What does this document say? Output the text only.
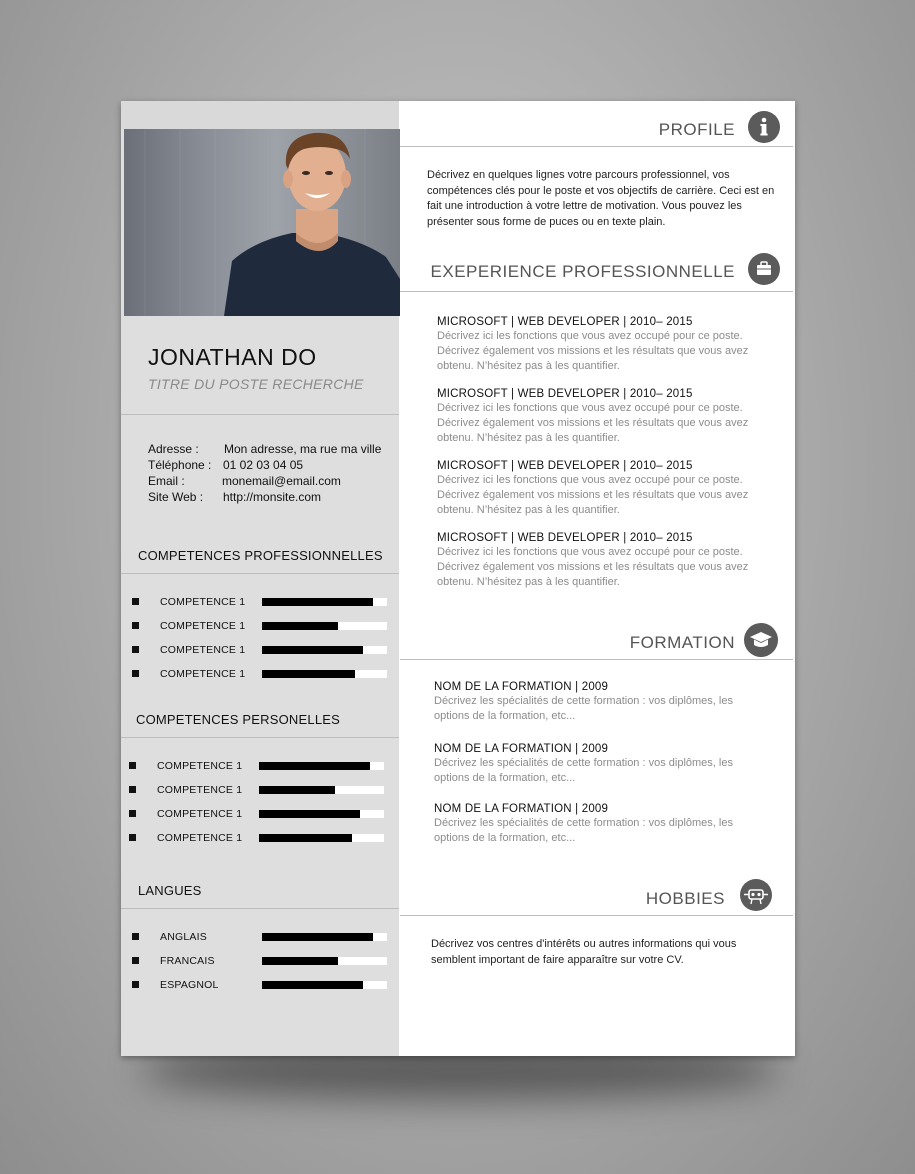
JONATHAN DO
TITRE DU POSTE RECHERCHE
Adresse : Mon adresse, ma rue ma ville
Téléphone : 01 02 03 04 05
Email :	monemail@email.com
Site Web : http://monsite.com
COMPETENCES PROFESSIONNELLES
COMPETENCE 1
COMPETENCE 1
COMPETENCE 1
COMPETENCE 1
COMPETENCES PERSONELLES
COMPETENCE 1
COMPETENCE 1
COMPETENCE 1
COMPETENCE 1
LANGUES
ANGLAIS
FRANCAIS
ESPAGNOL
PROFILE
Décrivez en quelques lignes votre parcours professionnel, vos compétences clés pour le poste et vos objectifs de carrière. Ceci est en fait une introduction à votre lettre de motivation. Vous pouvez les présenter sous forme de puces ou en texte plain.
EXEPERIENCE PROFESSIONNELLE
MICROSOFT | WEB DEVELOPER | 2010– 2015
Décrivez ici les fonctions que vous avez occupé pour ce poste. Décrivez également vos missions et les résultats que vous avez obtenu. N’hésitez pas à les quantifier.
MICROSOFT | WEB DEVELOPER | 2010– 2015
Décrivez ici les fonctions que vous avez occupé pour ce poste. Décrivez également vos missions et les résultats que vous avez obtenu. N’hésitez pas à les quantifier.
MICROSOFT | WEB DEVELOPER | 2010– 2015
Décrivez ici les fonctions que vous avez occupé pour ce poste. Décrivez également vos missions et les résultats que vous avez obtenu. N’hésitez pas à les quantifier.
MICROSOFT | WEB DEVELOPER | 2010– 2015
Décrivez ici les fonctions que vous avez occupé pour ce poste. Décrivez également vos missions et les résultats que vous avez obtenu. N’hésitez pas à les quantifier.
FORMATION
NOM DE LA FORMATION | 2009
Décrivez les spécialités de cette formation : vos diplômes, les options de la formation, etc...
NOM DE LA FORMATION | 2009
Décrivez les spécialités de cette formation : vos diplômes, les options de la formation, etc...
NOM DE LA FORMATION | 2009
Décrivez les spécialités de cette formation : vos diplômes, les options de la formation, etc...
HOBBIES
Décrivez vos centres d'intérêts ou autres informations qui vous semblent important de faire apparaître sur votre CV.
